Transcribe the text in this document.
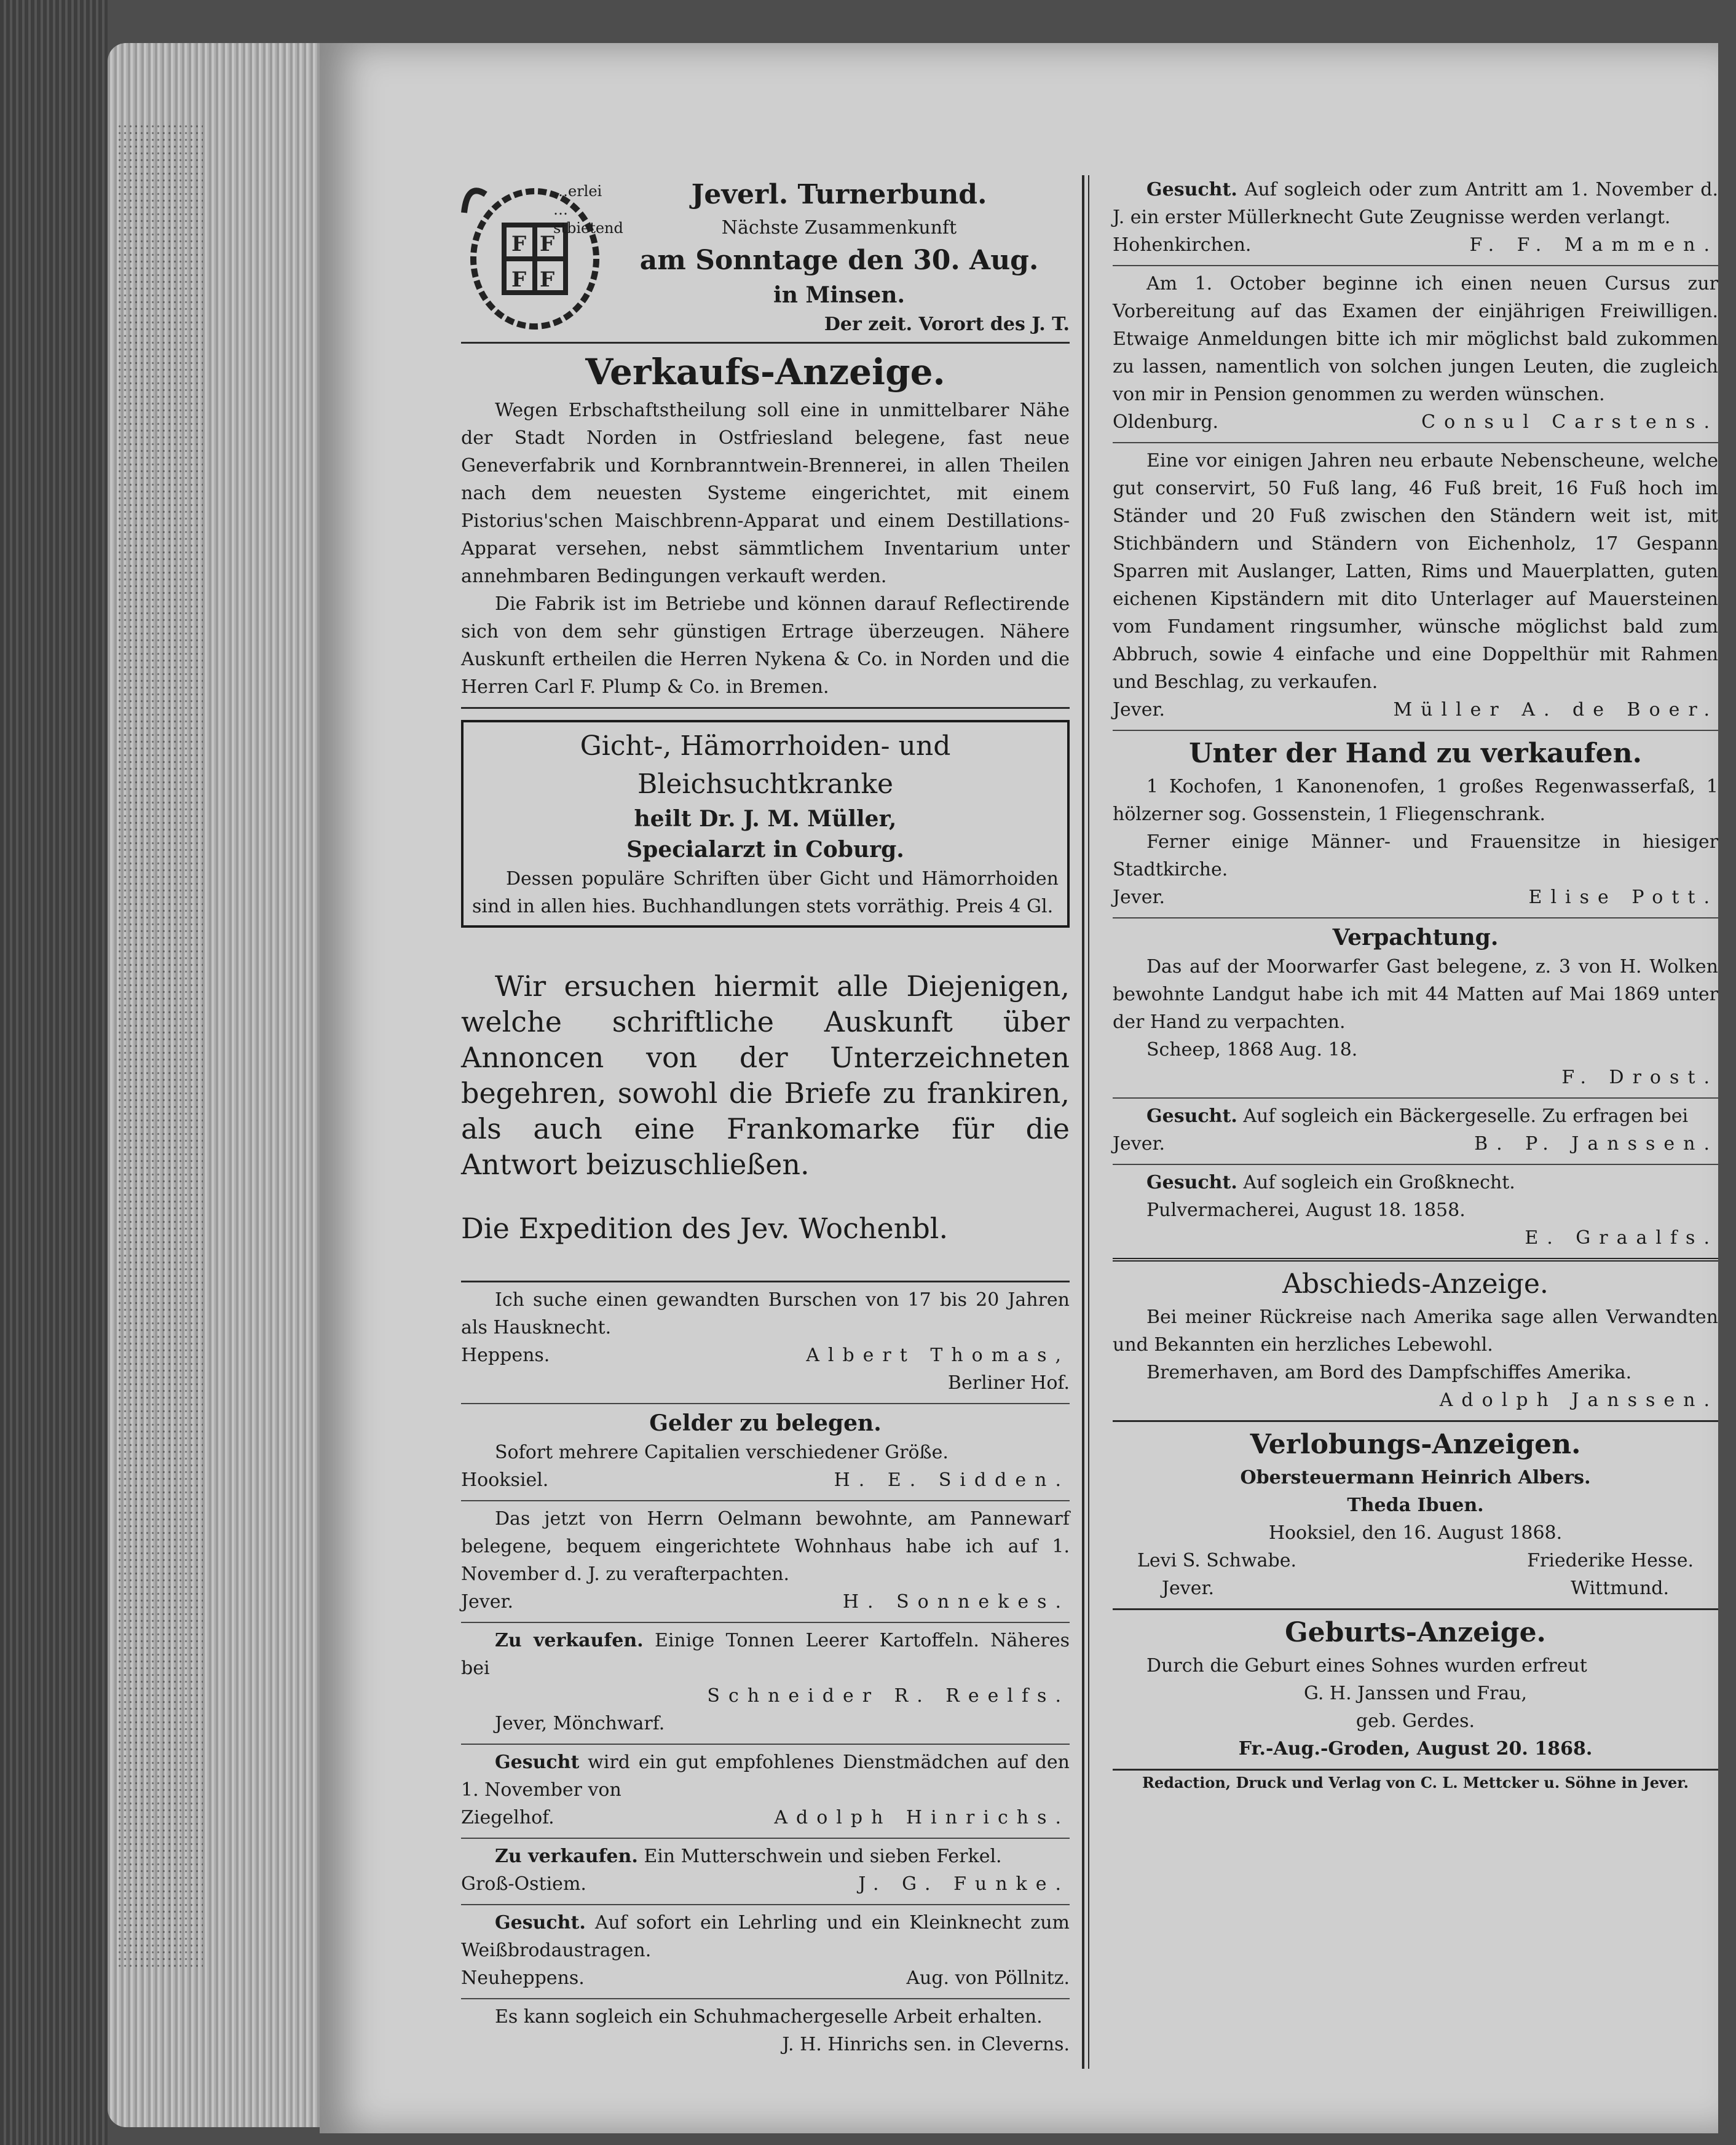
F F
F F
…erlei
…stbietend

Jeverl. Turnerbund.

Nächste Zusammenkunft

am Sonntage den 30. Aug.

in Minsen.

Der zeit. Vorort des J. T.

Verkaufs-Anzeige.

Wegen Erbschaftstheilung soll eine in unmittelbarer Nähe der Stadt Norden in Ostfriesland belegene, fast neue Geneverfabrik und Kornbranntwein-Brennerei, in allen Theilen nach dem neuesten Systeme eingerichtet, mit einem Pistorius'schen Maischbrenn-Apparat und einem Destillations-Apparat versehen, nebst sämmtlichem Inventarium unter annehmbaren Bedingungen verkauft werden.

Die Fabrik ist im Betriebe und können darauf Reflectirende sich von dem sehr günstigen Ertrage überzeugen. Nähere Auskunft ertheilen die Herren Nykena & Co. in Norden und die Herren Carl F. Plump & Co. in Bremen.

Gicht-, Hämorrhoiden- und

Bleichsuchtkranke

heilt Dr. J. M. Müller,

Specialarzt in Coburg.

Dessen populäre Schriften über Gicht und Hämorrhoiden sind in allen hies. Buchhandlungen stets vorräthig. Preis 4 Gl.

Wir ersuchen hiermit alle Diejenigen, welche schriftliche Auskunft über Annoncen von der Unterzeichneten begehren, sowohl die Briefe zu frankiren, als auch eine Frankomarke für die Antwort beizuschließen.

Die Expedition des Jev. Wochenbl.

Ich suche einen gewandten Burschen von 17 bis 20 Jahren als Hausknecht.

Heppens.	Albert Thomas,

Berliner Hof.

Gelder zu belegen.

Sofort mehrere Capitalien verschiedener Größe.

Hooksiel.	H. E. Sidden.

Das jetzt von Herrn Oelmann bewohnte, am Pannewarf belegene, bequem eingerichtete Wohnhaus habe ich auf 1. November d. J. zu verafterpachten.

Jever.	H. Sonnekes.

Zu verkaufen. Einige Tonnen Leerer Kartoffeln. Näheres bei

Schneider R. Reelfs.

Jever, Mönchwarf.

Gesucht wird ein gut empfohlenes Dienstmädchen auf den 1. November von

Ziegelhof.	Adolph Hinrichs.

Zu verkaufen. Ein Mutterschwein und sieben Ferkel.

Groß-Ostiem.	J. G. Funke.

Gesucht. Auf sofort ein Lehrling und ein Kleinknecht zum Weißbrodaustragen.

Neuheppens.	Aug. von Pöllnitz.

Es kann sogleich ein Schuhmachergeselle Arbeit erhalten.

J. H. Hinrichs sen. in Cleverns.

Gesucht. Auf sogleich oder zum Antritt am 1. November d. J. ein erster Müllerknecht Gute Zeugnisse werden verlangt.

Hohenkirchen.	F. F. Mammen.

Am 1. October beginne ich einen neuen Cursus zur Vorbereitung auf das Examen der einjährigen Freiwilligen. Etwaige Anmeldungen bitte ich mir möglichst bald zukommen zu lassen, namentlich von solchen jungen Leuten, die zugleich von mir in Pension genommen zu werden wünschen.

Oldenburg.	Consul Carstens.

Eine vor einigen Jahren neu erbaute Nebenscheune, welche gut conservirt, 50 Fuß lang, 46 Fuß breit, 16 Fuß hoch im Ständer und 20 Fuß zwischen den Ständern weit ist, mit Stichbändern und Ständern von Eichenholz, 17 Gespann Sparren mit Auslanger, Latten, Rims und Mauerplatten, guten eichenen Kipständern mit dito Unterlager auf Mauersteinen vom Fundament ringsumher, wünsche möglichst bald zum Abbruch, sowie 4 einfache und eine Doppelthür mit Rahmen und Beschlag, zu verkaufen.

Jever.	Müller A. de Boer.

Unter der Hand zu verkaufen.

1 Kochofen, 1 Kanonenofen, 1 großes Regenwasserfaß, 1 hölzerner sog. Gossenstein, 1 Fliegenschrank.

Ferner einige Männer- und Frauensitze in hiesiger Stadtkirche.

Jever.	Elise Pott.

Verpachtung.

Das auf der Moorwarfer Gast belegene, z. 3 von H. Wolken bewohnte Landgut habe ich mit 44 Matten auf Mai 1869 unter der Hand zu verpachten.

Scheep, 1868 Aug. 18.

F. Drost.

Gesucht. Auf sogleich ein Bäckergeselle. Zu erfragen bei

Jever.	B. P. Janssen.

Gesucht. Auf sogleich ein Großknecht.

Pulvermacherei, August 18. 1858.

E. Graalfs.

Abschieds-Anzeige.

Bei meiner Rückreise nach Amerika sage allen Verwandten und Bekannten ein herzliches Lebewohl.

Bremerhaven, am Bord des Dampfschiffes Amerika.

Adolph Janssen.

Verlobungs-Anzeigen.

Obersteuermann Heinrich Albers.

Theda Ibuen.

Hooksiel, den 16. August 1868.

Levi S. Schwabe.	Friederike Hesse.
Jever.	Wittmund.

Geburts-Anzeige.

Durch die Geburt eines Sohnes wurden erfreut

G. H. Janssen und Frau,

geb. Gerdes.

Fr.-Aug.-Groden, August 20. 1868.

Redaction, Druck und Verlag von C. L. Mettcker u. Söhne in Jever.
